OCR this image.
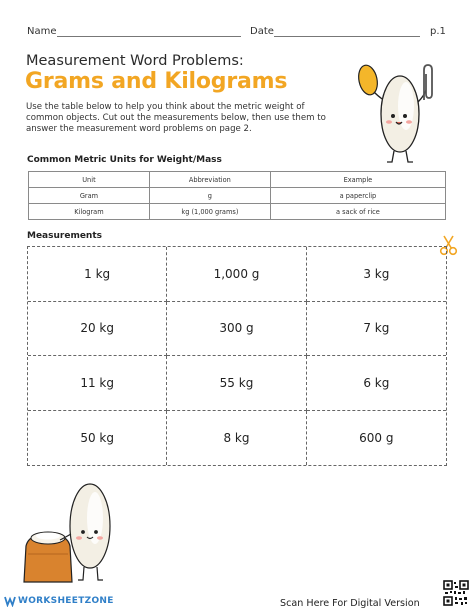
Name	Date	p.1
Measurement Word Problems:
Grams and Kilograms
Use the table below to help you think about the metric weight of common objects. Cut out the measurements below, then use them to answer the measurement word problems on page 2.
Common Metric Units for Weight/Mass
Unit	Abbreviation	Example
Gram	g	a paperclip
Kilogram	kg (1,000 grams)	a sack of rice
Measurements
1 kg	1,000 g	3 kg
20 kg	300 g	7 kg
11 kg	55 kg	6 kg
50 kg	8 kg	600 g
WORKSHEETZONE	Scan Here For Digital Version
